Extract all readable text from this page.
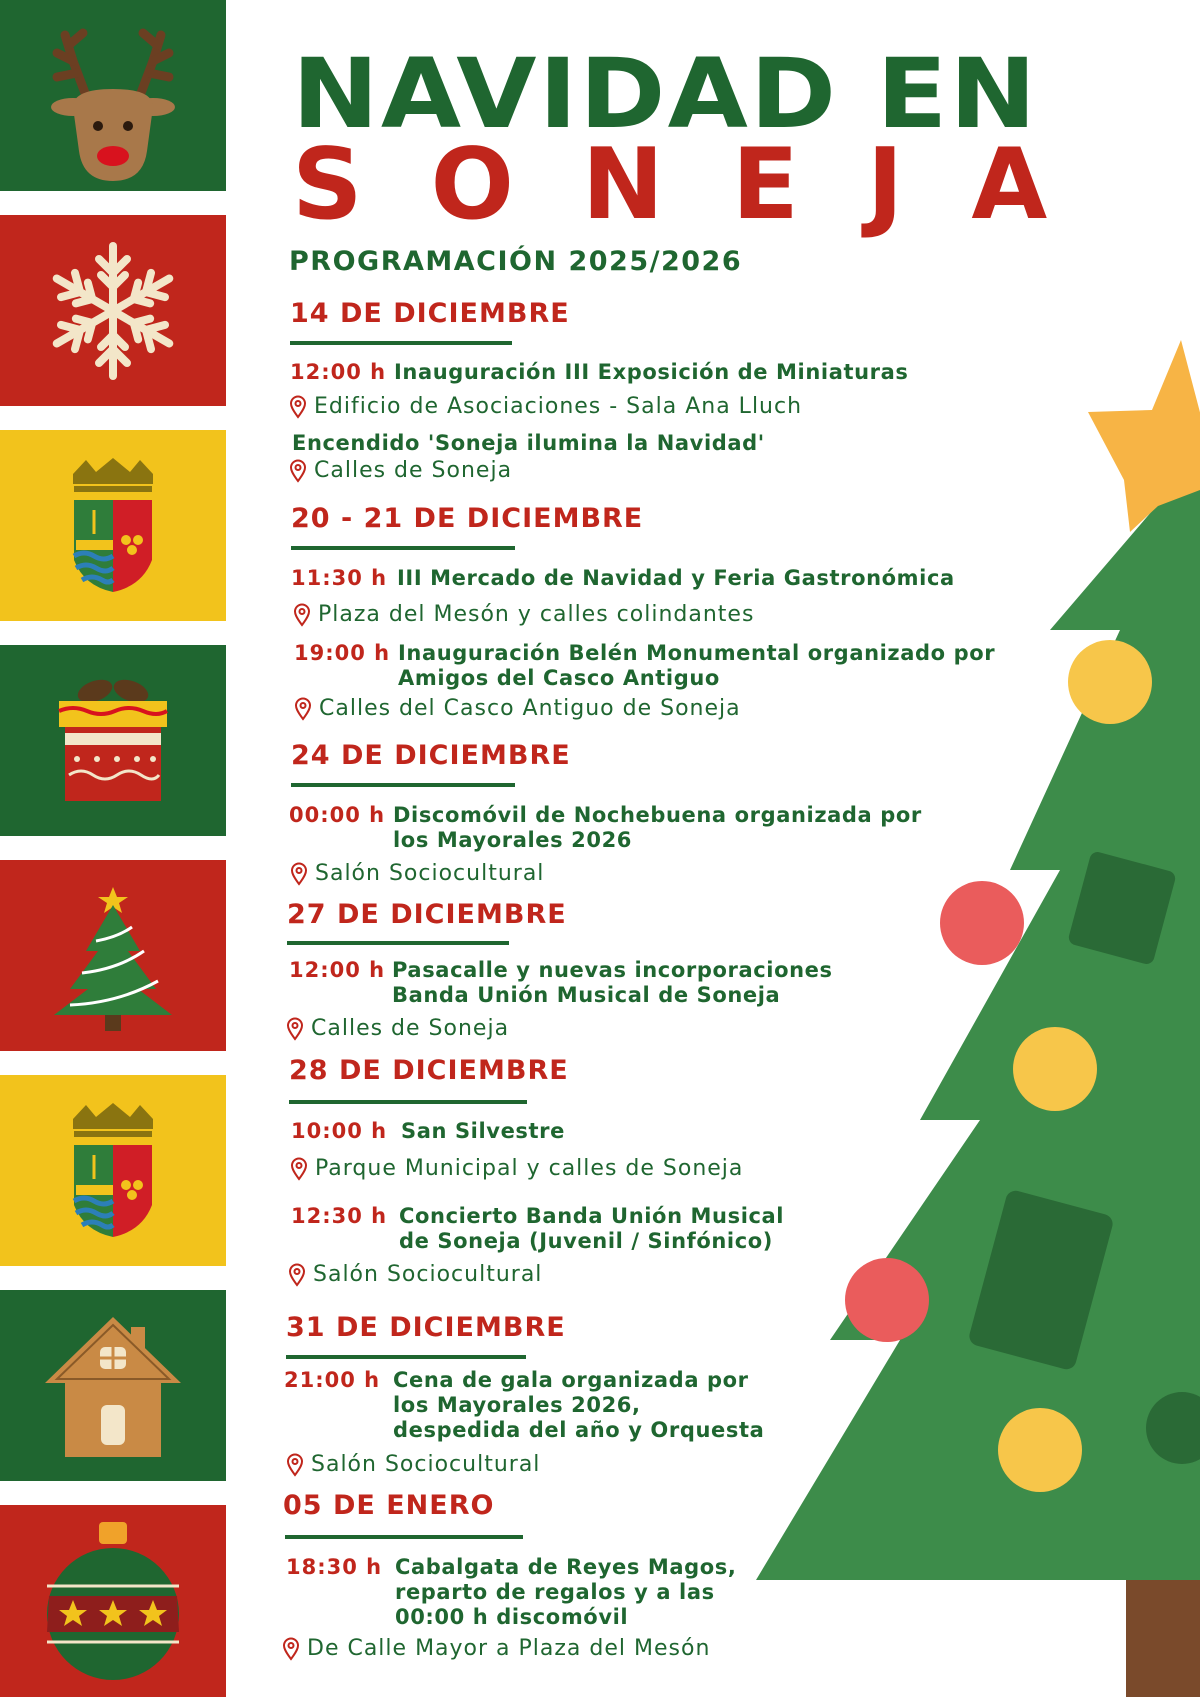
NAVIDAD EN
SONEJA
PROGRAMACIÓN 2025/2026
14 DE DICIEMBRE
12:00 h Inauguración III Exposición de Miniaturas
Edificio de Asociaciones - Sala Ana Lluch
Encendido 'Soneja ilumina la Navidad'
Calles de Soneja
20 - 21 DE DICIEMBRE
11:30 h III Mercado de Navidad y Feria Gastronómica
Plaza del Mesón y calles colindantes
19:00 h Inauguración Belén Monumental organizado por
Amigos del Casco Antiguo
Calles del Casco Antiguo de Soneja
24 DE DICIEMBRE
00:00 h Discomóvil de Nochebuena organizada por
los Mayorales 2026
Salón Sociocultural
27 DE DICIEMBRE
12:00 h Pasacalle y nuevas incorporaciones
Banda Unión Musical de Soneja
Calles de Soneja
28 DE DICIEMBRE
10:00 h San Silvestre
Parque Municipal y calles de Soneja
12:30 h Concierto Banda Unión Musical
de Soneja (Juvenil / Sinfónico)
Salón Sociocultural
31 DE DICIEMBRE
21:00 h Cena de gala organizada por
los Mayorales 2026,
despedida del año y Orquesta
Salón Sociocultural
05 DE ENERO
18:30 h Cabalgata de Reyes Magos,
reparto de regalos y a las
00:00 h discomóvil
De Calle Mayor a Plaza del Mesón
